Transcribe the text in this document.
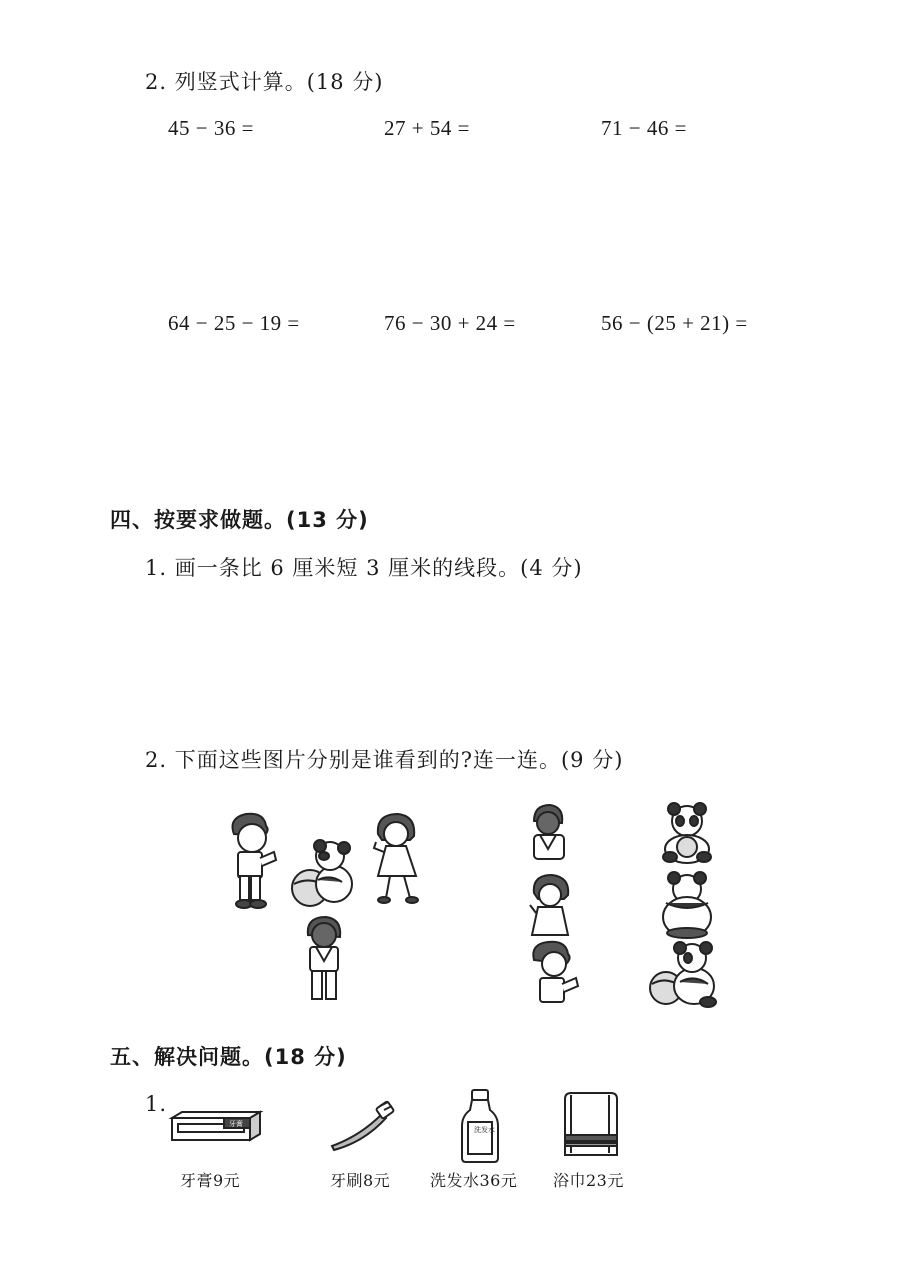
2. 列竖式计算。(18 分)
45 − 36 =	27 + 54 =	71 − 46 =
64 − 25 − 19 =	76 − 30 + 24 =	56 − (25 + 21) =
四、按要求做题。(13 分)
1. 画一条比 6 厘米短 3 厘米的线段。(4 分)
2. 下面这些图片分别是谁看到的?连一连。(9 分)
五、解决问题。(18 分)
1.
牙膏
洗发水
牙膏9元	牙刷8元 洗发水36元 浴巾23元
